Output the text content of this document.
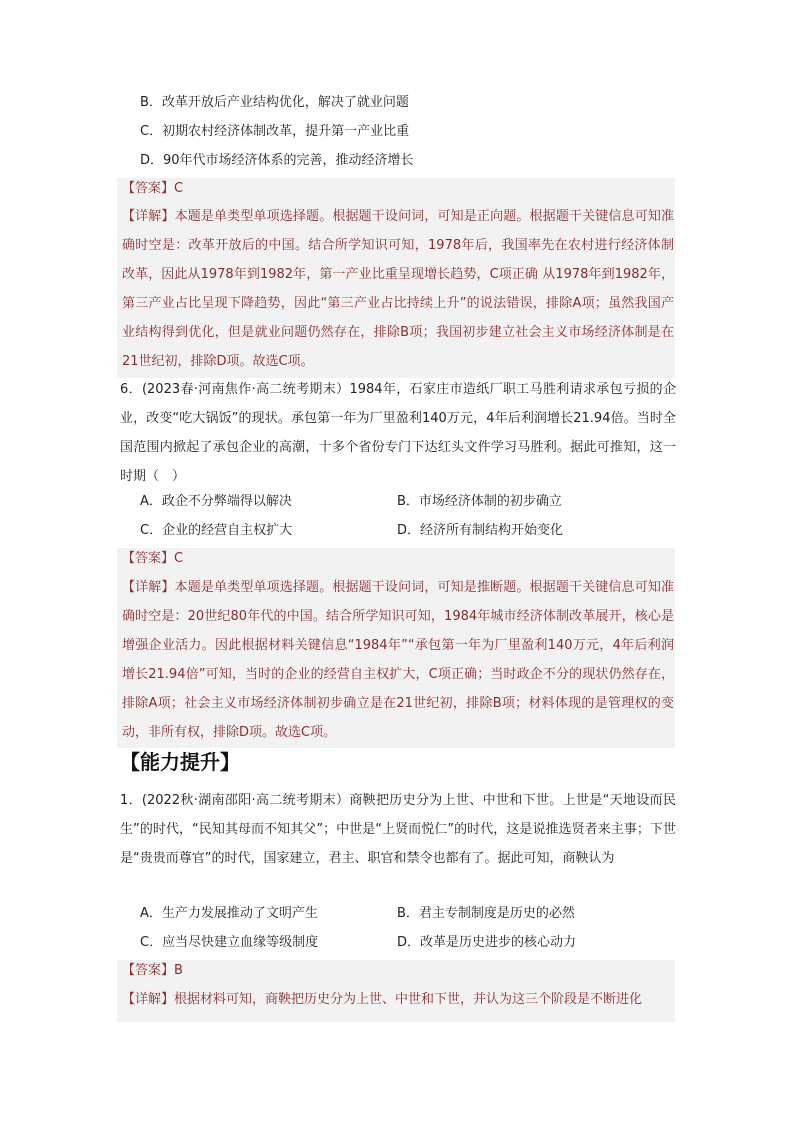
B．改革开放后产业结构优化，解决了就业问题
C．初期农村经济体制改革，提升第一产业比重
D．90年代市场经济体系的完善，推动经济增长
【答案】C
【详解】本题是单类型单项选择题。根据题干设问词，可知是正向题。根据题干关键信息可知准确时空是：改革开放后的中国。结合所学知识可知，1978年后，我国率先在农村进行经济体制改革，因此从1978年到1982年，第一产业比重呈现增长趋势，C项正确 从1978年到1982年，第三产业占比呈现下降趋势，因此“第三产业占比持续上升”的说法错误，排除A项；虽然我国产业结构得到优化，但是就业问题仍然存在，排除B项；我国初步建立社会主义市场经济体制是在21世纪初，排除D项。故选C项。
6．(2023春·河南焦作·高二统考期末）1984年，石家庄市造纸厂职工马胜利请求承包亏损的企业，改变“吃大锅饭”的现状。承包第一年为厂里盈利140万元，4年后利润增长21.94倍。当时全国范围内掀起了承包企业的高潮，十多个省份专门下达红头文件学习马胜利。据此可推知，这一时期（　）
A．政企不分弊端得以解决	B．市场经济体制的初步确立
C．企业的经营自主权扩大	D．经济所有制结构开始变化
【答案】C
【详解】本题是单类型单项选择题。根据题干设问词，可知是推断题。根据题干关键信息可知准确时空是：20世纪80年代的中国。结合所学知识可知，1984年城市经济体制改革展开，核心是增强企业活力。因此根据材料关键信息“1984年”“承包第一年为厂里盈利140万元，4年后利润增长21.94倍”可知，当时的企业的经营自主权扩大，C项正确；当时政企不分的现状仍然存在，排除A项；社会主义市场经济体制初步确立是在21世纪初，排除B项；材料体现的是管理权的变动，非所有权，排除D项。故选C项。
【能力提升】
1．(2022秋·湖南邵阳·高二统考期末）商鞅把历史分为上世、中世和下世。上世是“天地设而民生”的时代，“民知其母而不知其父”；中世是“上贤而悦仁”的时代，这是说推选贤者来主事；下世是“贵贵而尊官”的时代，国家建立，君主、职官和禁令也都有了。据此可知，商鞅认为
A．生产力发展推动了文明产生	B．君主专制制度是历史的必然
C．应当尽快建立血缘等级制度	D．改革是历史进步的核心动力
【答案】B
【详解】根据材料可知，商鞅把历史分为上世、中世和下世，并认为这三个阶段是不断进化
